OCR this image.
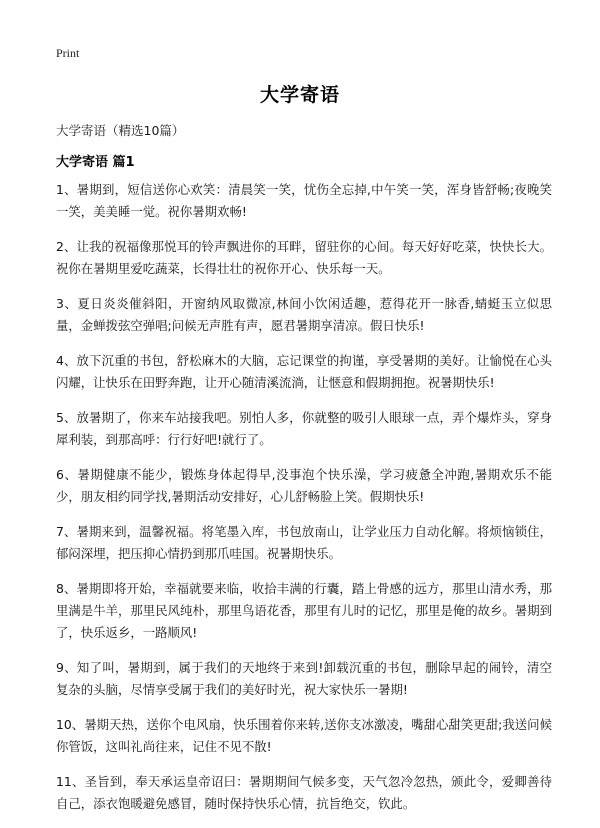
Print
大学寄语
大学寄语（精选10篇）
大学寄语 篇1

1、暑期到，短信送你心欢笑：清晨笑一笑，忧伤全忘掉,中午笑一笑，浑身皆舒畅;夜晚笑一笑，美美睡一觉。祝你暑期欢畅!

2、让我的祝福像那悦耳的铃声飘进你的耳畔，留驻你的心间。每天好好吃菜，快快长大。祝你在暑期里爱吃蔬菜，长得壮壮的祝你开心、快乐每一天。

3、夏日炎炎催斜阳，开窗纳风取微凉,林间小饮闲适趣，惹得花开一脉香,蜻蜓玉立似思量，金蝉拨弦空弹唱;问候无声胜有声，愿君暑期享清凉。假日快乐!

4、放下沉重的书包，舒松麻木的大脑，忘记课堂的拘谨，享受暑期的美好。让愉悦在心头闪耀，让快乐在田野奔跑，让开心随清溪流淌，让惬意和假期拥抱。祝暑期快乐!

5、放暑期了，你来车站接我吧。别怕人多，你就整的吸引人眼球一点，弄个爆炸头，穿身犀利装，到那高呼：行行好吧!就行了。

6、暑期健康不能少，锻炼身体起得早,没事泡个快乐澡，学习疲惫全冲跑,暑期欢乐不能少，朋友相约同学找,暑期活动安排好，心儿舒畅脸上笑。假期快乐!

7、暑期来到，温馨祝福。将笔墨入库，书包放南山，让学业压力自动化解。将烦恼锁住，郁闷深埋，把压抑心情扔到那爪哇国。祝暑期快乐。

8、暑期即将开始，幸福就要来临，收拾丰满的行囊，踏上骨感的远方，那里山清水秀，那里满是牛羊，那里民风纯朴，那里鸟语花香，那里有儿时的记忆，那里是俺的故乡。暑期到了，快乐返乡，一路顺风!

9、知了叫，暑期到，属于我们的天地终于来到!卸载沉重的书包，删除早起的闹铃，清空复杂的头脑，尽情享受属于我们的美好时光，祝大家快乐一暑期!

10、暑期天热，送你个电风扇，快乐围着你来转,送你支冰激凌，嘴甜心甜笑更甜;我送问候你管饭，这叫礼尚往来，记住不见不散!

11、圣旨到，奉天承运皇帝诏曰：暑期期间气候多变，天气忽冷忽热，颁此令，爱卿善待自己，添衣饱暖避免感冒，随时保持快乐心情，抗旨绝交，钦此。
